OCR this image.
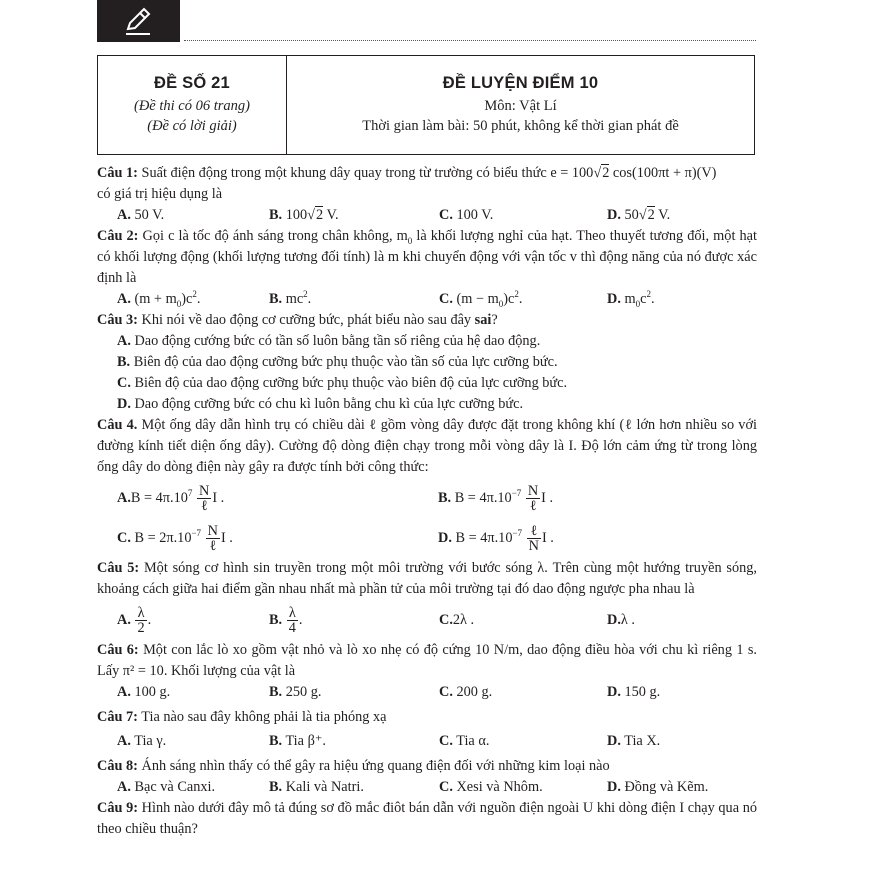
ĐỀ SỐ 21
(Đề thi có 06 trang)
(Đề có lời giải)
ĐỀ LUYỆN ĐIỂM 10
Môn: Vật Lí
Thời gian làm bài: 50 phút, không kể thời gian phát đề

Câu 1: Suất điện động trong một khung dây quay trong từ trường có biểu thức e = 100√2 cos(100πt + π)(V)

có giá trị hiệu dụng là

A. 50 V.	B. 100√2 V.	C. 100 V.	D. 50√2 V.

Câu 2: Gọi c là tốc độ ánh sáng trong chân không, $m_0$ là khối lượng nghỉ của hạt. Theo thuyết tương đối, một hạt có khối lượng động (khối lượng tương đối tính) là m khi chuyển động với vận tốc v thì động năng của nó được xác định là

A. $(m + m_0)c^2$.	B. $mc^2$.	C. $(m - m_0)c^2$.	D. $m_0c^2$.

Câu 3: Khi nói về dao động cơ cưỡng bức, phát biểu nào sau đây sai?

A. Dao động cướng bức có tần số luôn bằng tần số riêng của hệ dao động.

B. Biên độ của dao động cưỡng bức phụ thuộc vào tần số của lực cưỡng bức.

C. Biên độ của dao động cưỡng bức phụ thuộc vào biên độ của lực cưỡng bức.

D. Dao động cưỡng bức có chu kì luôn bằng chu kì của lực cưỡng bức.

Câu 4. Một ống dây dẫn hình trụ có chiều dài ℓ gồm vòng dây được đặt trong không khí (ℓ lớn hơn nhiều so với đường kính tiết diện ống dây). Cường độ dòng điện chạy trong mỗi vòng dây là I. Độ lớn cảm ứng từ trong lòng ống dây do dòng điện này gây ra được tính bởi công thức:

$A.B = 4\pi.10^7 \frac{N}{\text{ℓ}}$ I .	B. $B = 4\pi.10^{-7} \frac{N}{\text{ℓ}}$ I .
C. $B = 2\pi.10^{-7} \frac{N}{\text{ℓ}}$ I .	D. $B = 4\pi.10^{-7} \frac{\text{ℓ}}{N}$ I .

Câu 5: Một sóng cơ hình sin truyền trong một môi trường với bước sóng λ. Trên cùng một hướng truyền sóng, khoảng cách giữa hai điểm gần nhau nhất mà phần tử của môi trường tại đó dao động ngược pha nhau là

A. $\frac{\lambda}{2}$ .	B. $\frac{\lambda}{4}$ .	C.2λ .	D.λ .

Câu 6: Một con lắc lò xo gồm vật nhỏ và lò xo nhẹ có độ cứng 10 N/m, dao động điều hòa với chu kì riêng 1 s. Lấy π² = 10. Khối lượng của vật là

A. 100 g.	B. 250 g.	C. 200 g.	D. 150 g.

Câu 7: Tia nào sau đây không phải là tia phóng xạ

A. Tia γ.	B. Tia β⁺.	C. Tia α.	D. Tia X.

Câu 8: Ánh sáng nhìn thấy có thể gây ra hiệu ứng quang điện đối với những kim loại nào

A. Bạc và Canxi.	B. Kali và Natri.	C. Xesi và Nhôm.	D. Đồng và Kẽm.

Câu 9: Hình nào dưới đây mô tả đúng sơ đồ mắc điôt bán dẫn với nguồn điện ngoài U khi dòng điện I chạy qua nó theo chiều thuận?
